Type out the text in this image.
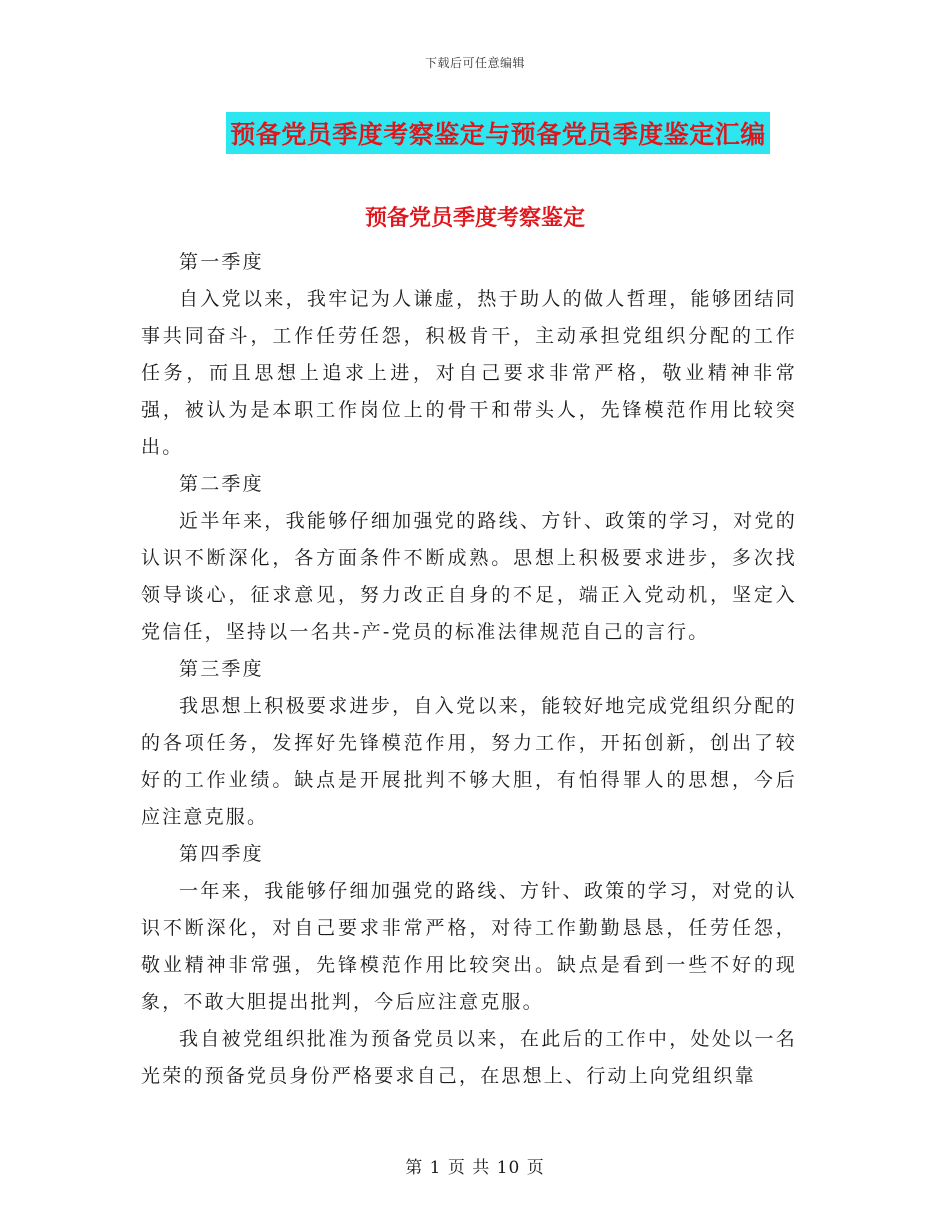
下载后可任意编辑
预备党员季度考察鉴定与预备党员季度鉴定汇编
预备党员季度考察鉴定

第一季度

自入党以来，我牢记为人谦虚，热于助人的做人哲理，能够团结同事共同奋斗，工作任劳任怨，积极肯干，主动承担党组织分配的工作任务，而且思想上追求上进，对自己要求非常严格，敬业精神非常强，被认为是本职工作岗位上的骨干和带头人，先锋模范作用比较突出。

第二季度

近半年来，我能够仔细加强党的路线、方针、政策的学习，对党的认识不断深化，各方面条件不断成熟。思想上积极要求进步，多次找领导谈心，征求意见，努力改正自身的不足，端正入党动机，坚定入党信任，坚持以一名共-产-党员的标准法律规范自己的言行。

第三季度

我思想上积极要求进步，自入党以来，能较好地完成党组织分配的的各项任务，发挥好先锋模范作用，努力工作，开拓创新，创出了较好的工作业绩。缺点是开展批判不够大胆，有怕得罪人的思想，今后应注意克服。

第四季度

一年来，我能够仔细加强党的路线、方针、政策的学习，对党的认识不断深化，对自己要求非常严格，对待工作勤勤恳恳，任劳任怨，敬业精神非常强，先锋模范作用比较突出。缺点是看到一些不好的现象，不敢大胆提出批判，今后应注意克服。

我自被党组织批准为预备党员以来，在此后的工作中，处处以一名光荣的预备党员身份严格要求自己，在思想上、行动上向党组织靠

第 1 页 共 10 页
